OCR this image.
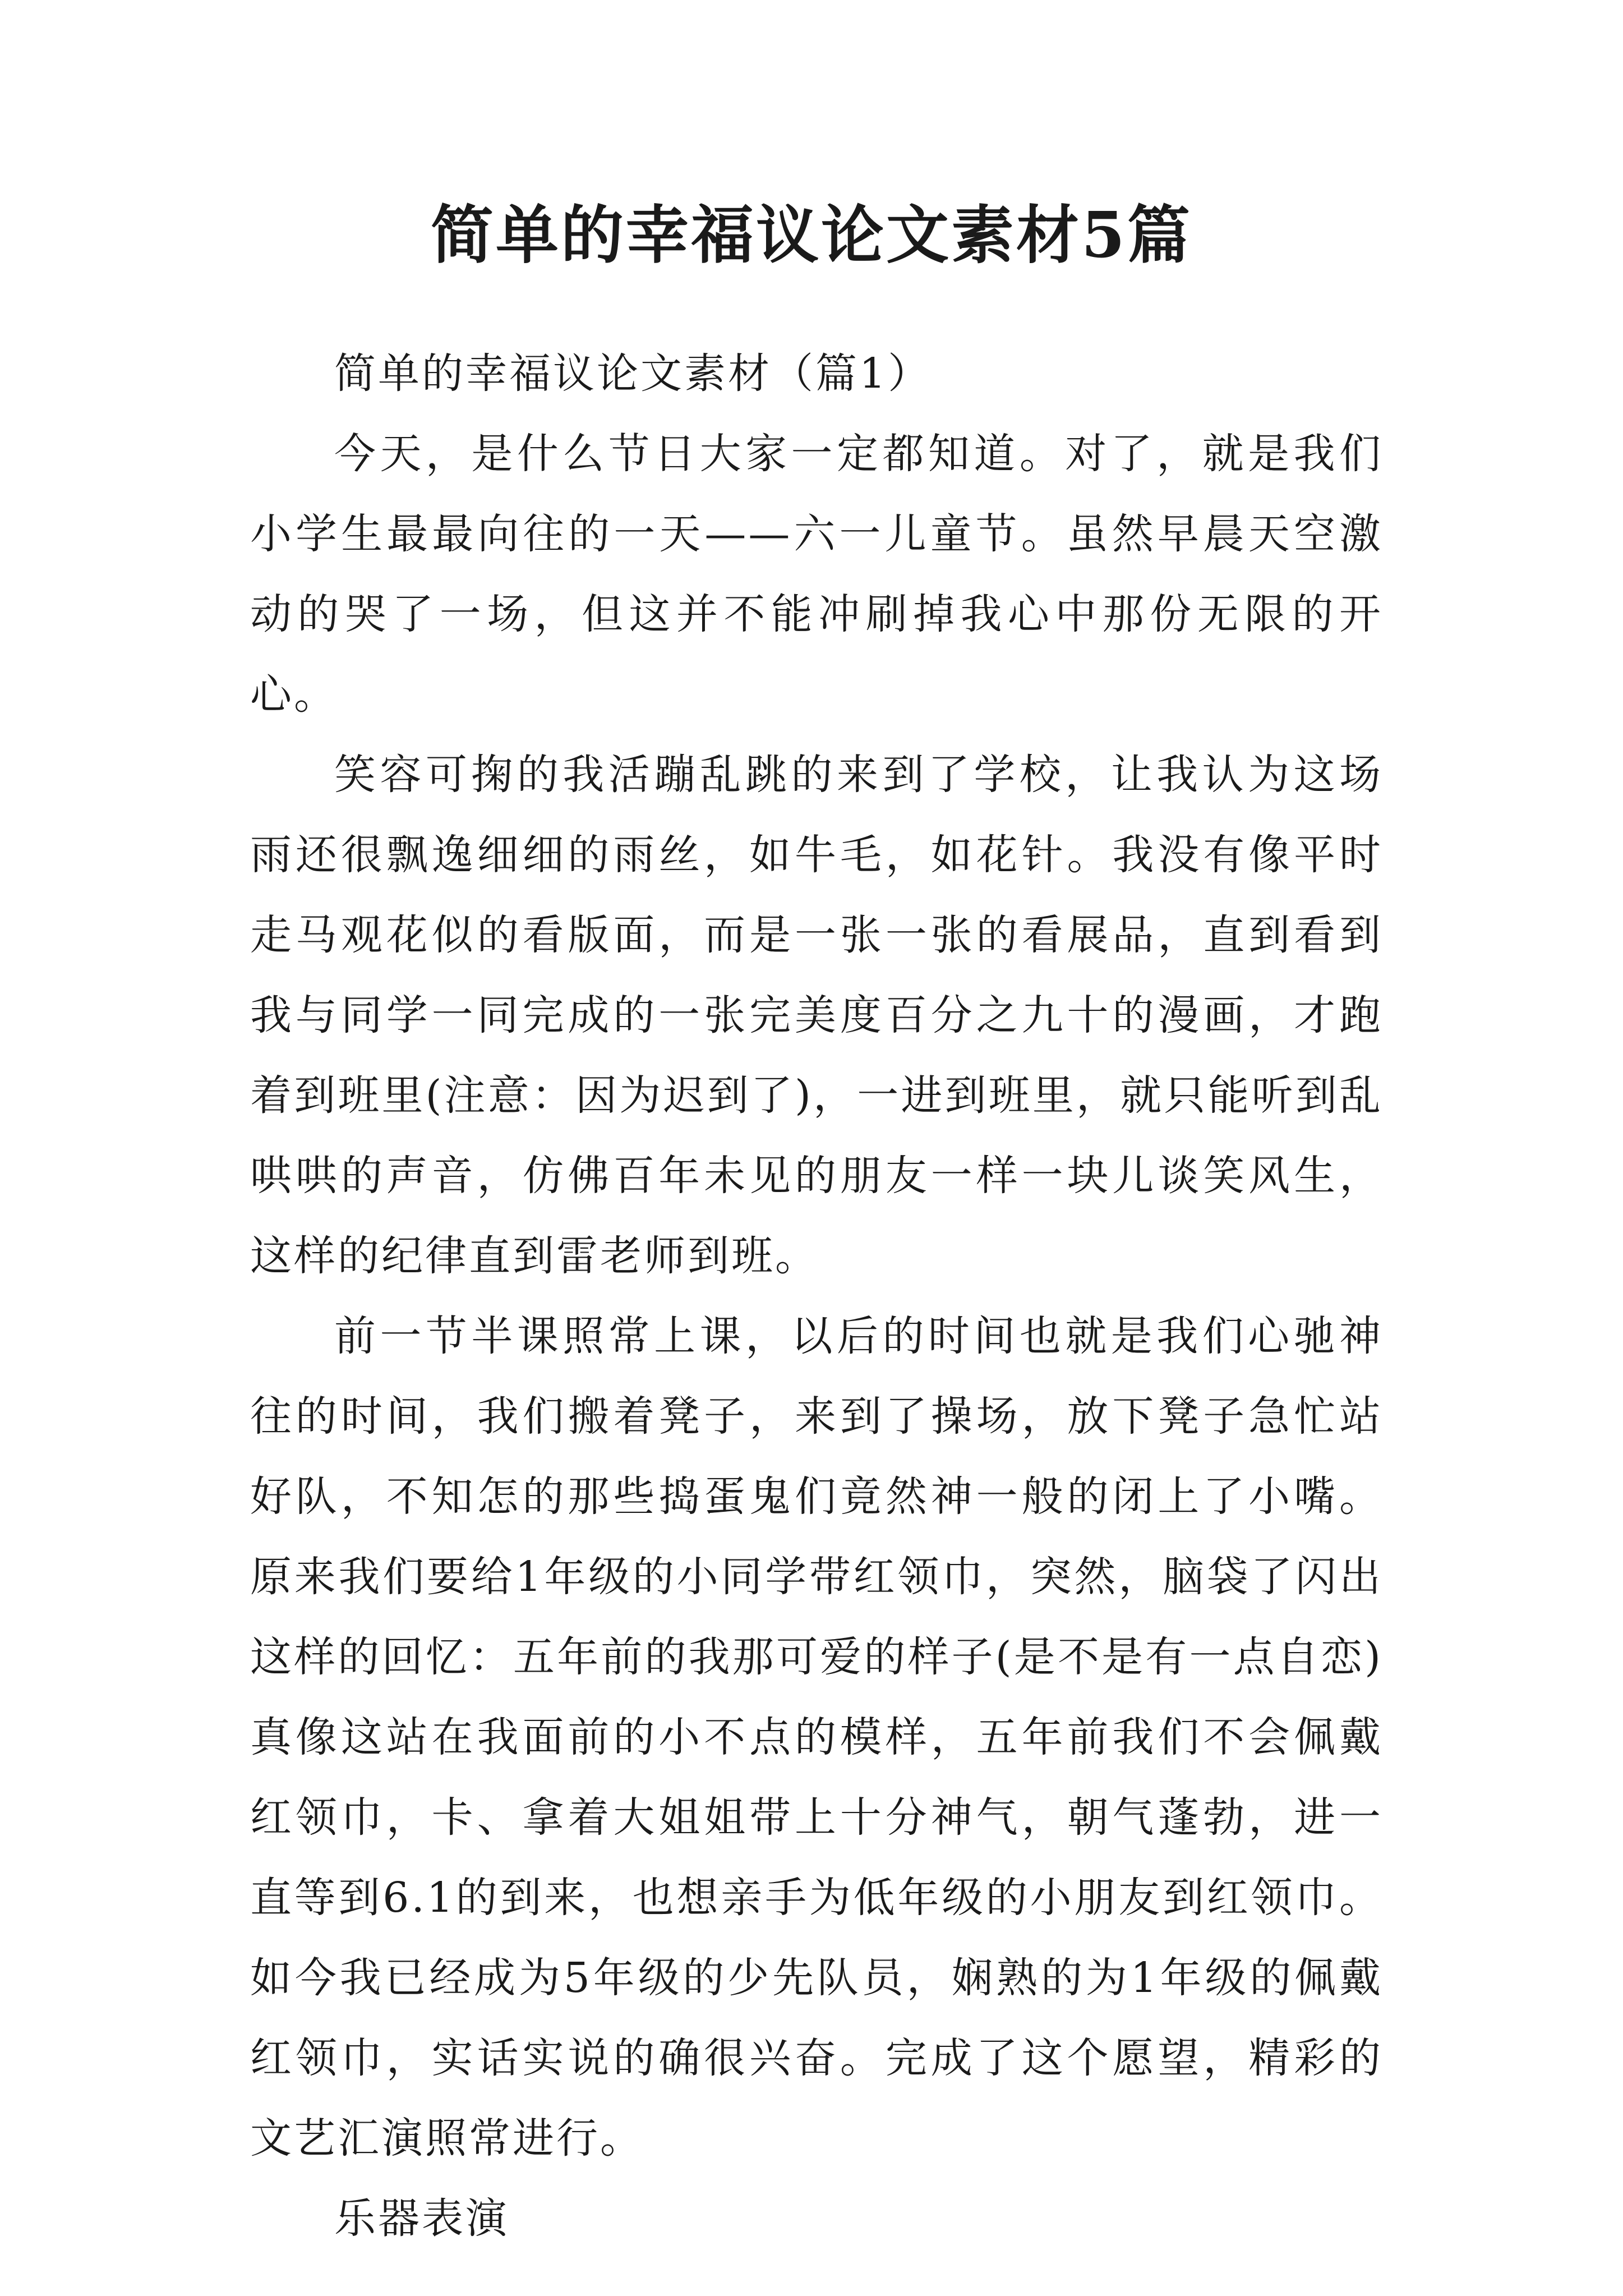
简单的幸福议论文素材5篇

简单的幸福议论文素材（篇1）

今天，是什么节日大家一定都知道。对了，就是我们小学生最最向往的一天——六一儿童节。虽然早晨天空激动的哭了一场，但这并不能冲刷掉我心中那份无限的开心。

笑容可掬的我活蹦乱跳的来到了学校，让我认为这场雨还很飘逸细细的雨丝，如牛毛，如花针。我没有像平时走马观花似的看版面，而是一张一张的看展品，直到看到我与同学一同完成的一张完美度百分之九十的漫画，才跑着到班里(注意：因为迟到了)，一进到班里，就只能听到乱哄哄的声音，仿佛百年未见的朋友一样一块儿谈笑风生，这样的纪律直到雷老师到班。

前一节半课照常上课，以后的时间也就是我们心驰神往的时间，我们搬着凳子，来到了操场，放下凳子急忙站好队，不知怎的那些捣蛋鬼们竟然神一般的闭上了小嘴。原来我们要给1年级的小同学带红领巾，突然，脑袋了闪出这样的回忆：五年前的我那可爱的样子(是不是有一点自恋)真像这站在我面前的小不点的模样，五年前我们不会佩戴红领巾，卡、拿着大姐姐带上十分神气，朝气蓬勃，进一直等到6.1的到来，也想亲手为低年级的小朋友到红领巾。如今我已经成为5年级的少先队员，娴熟的为1年级的佩戴红领巾，实话实说的确很兴奋。完成了这个愿望，精彩的文艺汇演照常进行。

乐器表演
